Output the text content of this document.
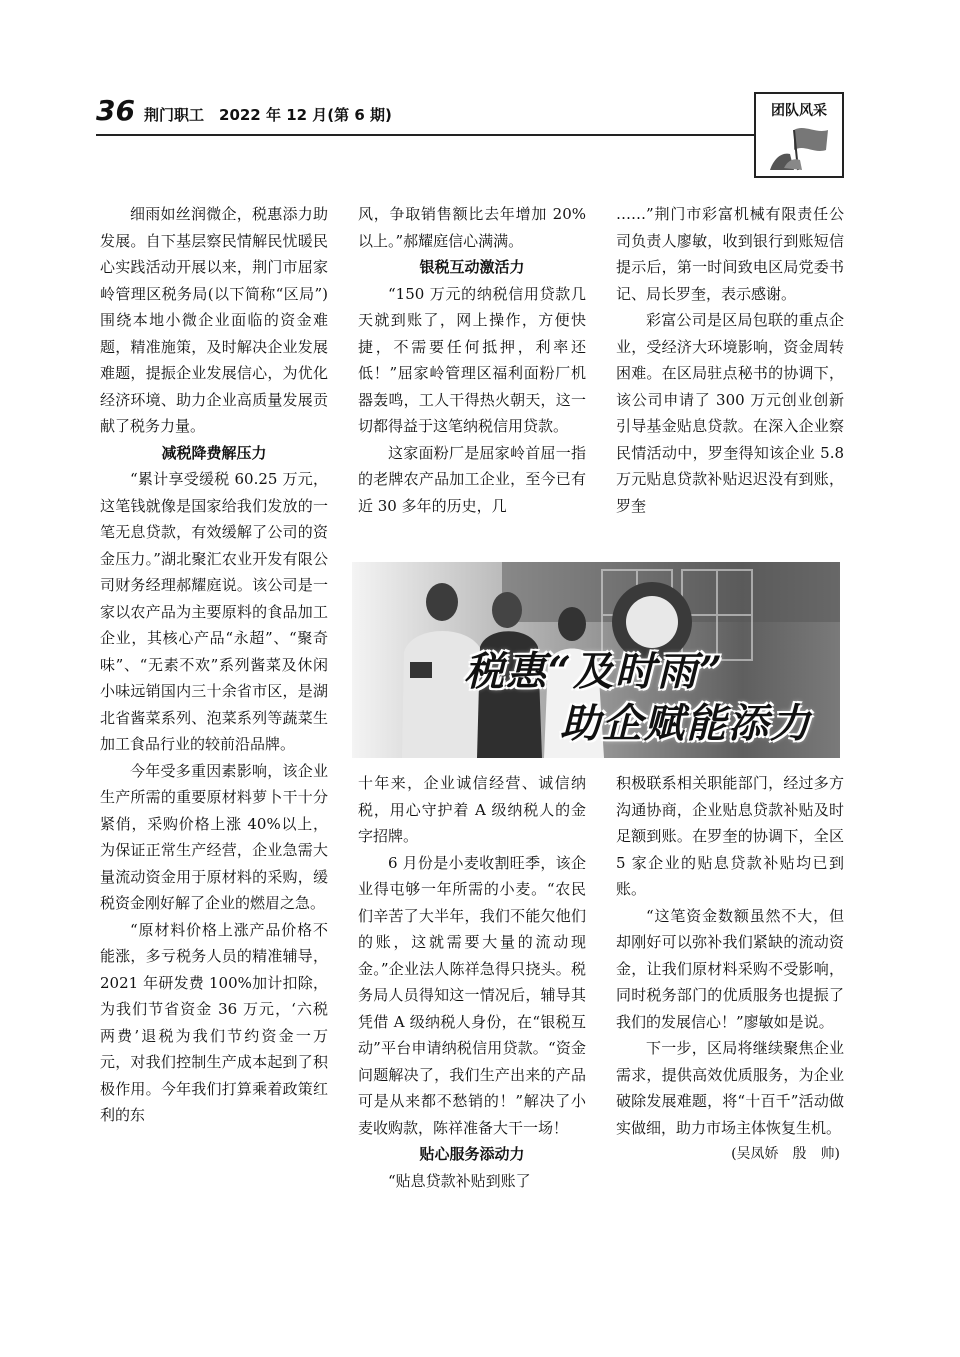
36 荆门职工　2022 年 12 月(第 6 期)	团队风采

细雨如丝润微企，税惠添力助发展。自下基层察民情解民忧暖民心实践活动开展以来，荆门市屈家岭管理区税务局(以下简称“区局”)围绕本地小微企业面临的资金难题，精准施策，及时解决企业发展难题，提振企业发展信心，为优化经济环境、助力企业高质量发展贡献了税务力量。

减税降费解压力

“累计享受缓税 60.25 万元，这笔钱就像是国家给我们发放的一笔无息贷款，有效缓解了公司的资金压力。”湖北聚汇农业开发有限公司财务经理郝耀庭说。该公司是一家以农产品为主要原料的食品加工企业，其核心产品“永超”、“聚奇味”、“无素不欢”系列酱菜及休闲小味远销国内三十余省市区，是湖北省酱菜系列、泡菜系列等蔬菜生加工食品行业的较前沿品牌。

今年受多重因素影响，该企业生产所需的重要原材料萝卜干十分紧俏，采购价格上涨 40%以上，为保证正常生产经营，企业急需大量流动资金用于原材料的采购，缓税资金刚好解了企业的燃眉之急。

“原材料价格上涨产品价格不能涨，多亏税务人员的精准辅导，2021 年研发费 100%加计扣除，为我们节省资金 36 万元，‘六税两费’退税为我们节约资金一万元，对我们控制生产成本起到了积极作用。今年我们打算乘着政策红利的东

风，争取销售额比去年增加 20%以上。”郝耀庭信心满满。

银税互动激活力

“150 万元的纳税信用贷款几天就到账了，网上操作，方便快捷，不需要任何抵押，利率还低！”屈家岭管理区福利面粉厂机器轰鸣，工人干得热火朝天，这一切都得益于这笔纳税信用贷款。

这家面粉厂是屈家岭首屈一指的老牌农产品加工企业，至今已有近 30 多年的历史，几

……”荆门市彩富机械有限责任公司负责人廖敏，收到银行到账短信提示后，第一时间致电区局党委书记、局长罗奎，表示感谢。

彩富公司是区局包联的重点企业，受经济大环境影响，资金周转困难。在区局驻点秘书的协调下，该公司申请了 300 万元创业创新引导基金贴息贷款。在深入企业察民情活动中，罗奎得知该企业 5.8 万元贴息贷款补贴迟迟没有到账，罗奎

税惠“及时雨”
助企赋能添力

十年来，企业诚信经营、诚信纳税，用心守护着 A 级纳税人的金字招牌。

6 月份是小麦收割旺季，该企业得屯够一年所需的小麦。“农民们辛苦了大半年，我们不能欠他们的账，这就需要大量的流动现金。”企业法人陈祥急得只挠头。税务局人员得知这一情况后，辅导其凭借 A 级纳税人身份，在“银税互动”平台申请纳税信用贷款。“资金问题解决了，我们生产出来的产品可是从来都不愁销的！”解决了小麦收购款，陈祥准备大干一场！

贴心服务添动力

“贴息贷款补贴到账了

积极联系相关职能部门，经过多方沟通协商，企业贴息贷款补贴及时足额到账。在罗奎的协调下，全区 5 家企业的贴息贷款补贴均已到账。

“这笔资金数额虽然不大，但却刚好可以弥补我们紧缺的流动资金，让我们原材料采购不受影响，同时税务部门的优质服务也提振了我们的发展信心！”廖敏如是说。

下一步，区局将继续聚焦企业需求，提供高效优质服务，为企业破除发展难题，将“十百千”活动做实做细，助力市场主体恢复生机。

(吴凤娇　殷　帅)
